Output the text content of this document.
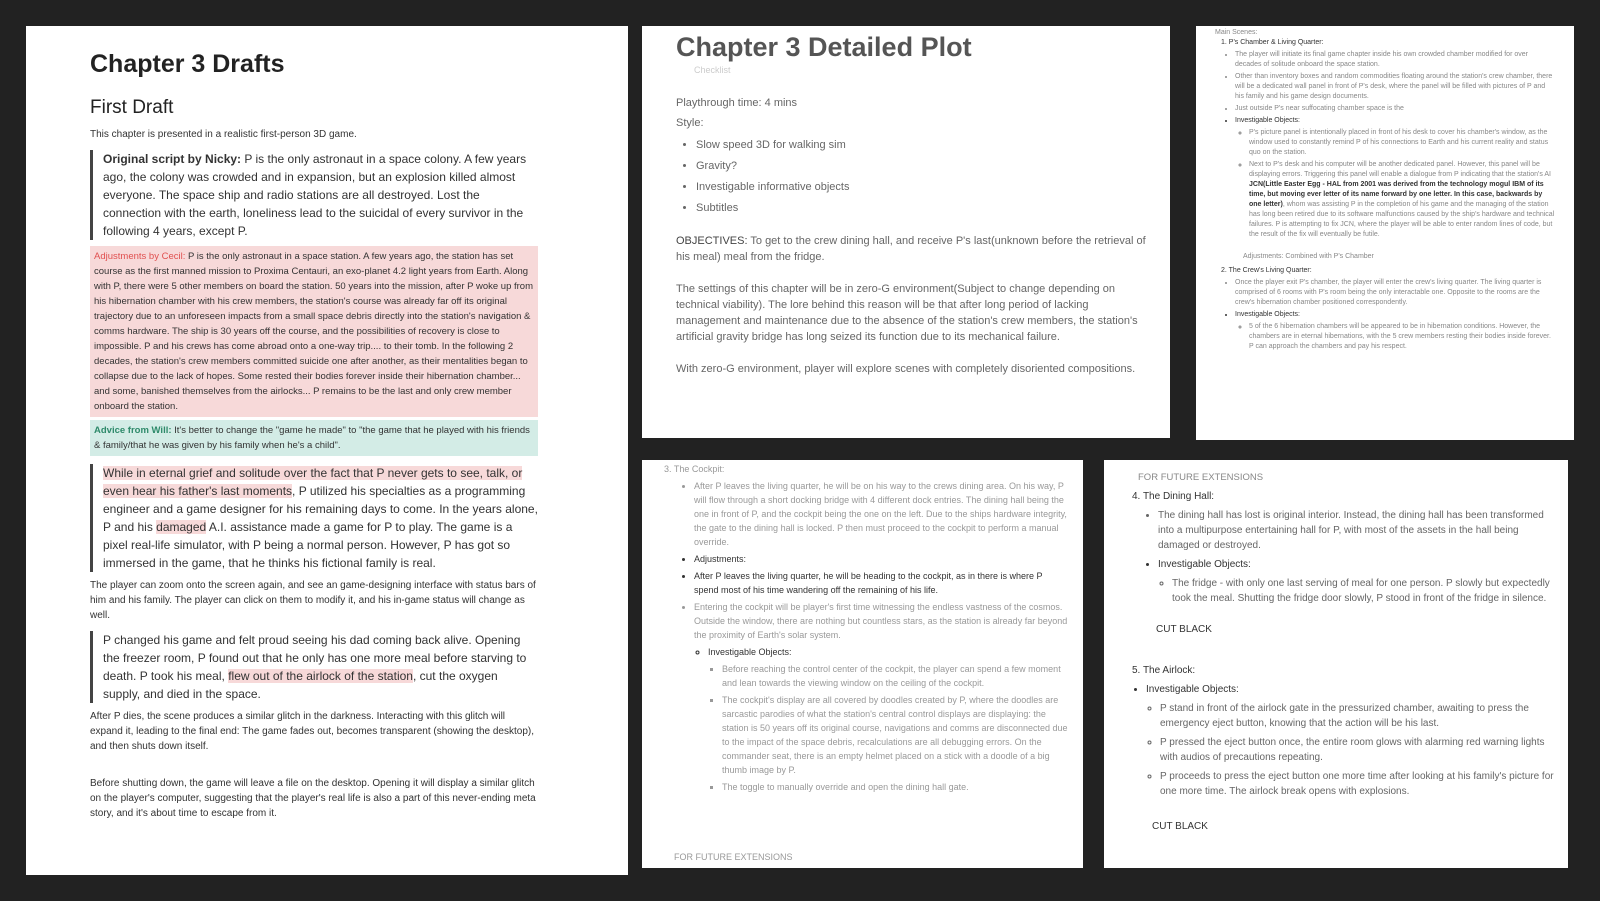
Chapter 3 Drafts
First Draft

This chapter is presented in a realistic first-person 3D game.

Original script by Nicky: P is the only astronaut in a space colony. A few years ago, the colony was crowded and in expansion, but an explosion killed almost everyone. The space ship and radio stations are all destroyed. Lost the connection with the earth, loneliness lead to the suicidal of every survivor in the following 4 years, except P.
Adjustments by Cecil: P is the only astronaut in a space station. A few years ago, the station has set course as the first manned mission to Proxima Centauri, an exo-planet 4.2 light years from Earth. Along with P, there were 5 other members on board the station. 50 years into the mission, after P woke up from his hibernation chamber with his crew members, the station's course was already far off its original trajectory due to an unforeseen impacts from a small space debris directly into the station's navigation & comms hardware. The ship is 30 years off the course, and the possibilities of recovery is close to impossible. P and his crews has come abroad onto a one-way trip.... to their tomb. In the following 2 decades, the station's crew members committed suicide one after another, as their mentalities began to collapse due to the lack of hopes. Some rested their bodies forever inside their hibernation chamber... and some, banished themselves from the airlocks... P remains to be the last and only crew member onboard the station.
Advice from Will: It's better to change the "game he made" to "the game that he played with his friends & family/that he was given by his family when he's a child".
While in eternal grief and solitude over the fact that P never gets to see, talk, or even hear his father's last moments, P utilized his specialties as a programming engineer and a game designer for his remaining days to come. In the years alone, P and his damaged A.I. assistance made a game for P to play. The game is a pixel real-life simulator, with P being a normal person. However, P has got so immersed in the game, that he thinks his fictional family is real.

The player can zoom onto the screen again, and see an game-designing interface with status bars of him and his family. The player can click on them to modify it, and his in-game status will change as well.

P changed his game and felt proud seeing his dad coming back alive. Opening the freezer room, P found out that he only has one more meal before starving to death. P took his meal, flew out of the airlock of the station, cut the oxygen supply, and died in the space.

After P dies, the scene produces a similar glitch in the darkness. Interacting with this glitch will expand it, leading to the final end: The game fades out, becomes transparent (showing the desktop), and then shuts down itself.

Before shutting down, the game will leave a file on the desktop. Opening it will display a similar glitch on the player's computer, suggesting that the player's real life is also a part of this never-ending meta story, and it's about time to escape from it.

Chapter 3 Detailed Plot
Checklist

Playthrough time: 4 mins

Style:

• Slow speed 3D for walking sim
• Gravity?
• Investigable informative objects
• Subtitles

OBJECTIVES: To get to the crew dining hall, and receive P's last(unknown before the retrieval of his meal) meal from the fridge.

The settings of this chapter will be in zero-G environment(Subject to change depending on technical viability). The lore behind this reason will be that after long period of lacking management and maintenance due to the absence of the station's crew members, the station's artificial gravity bridge has long seized its function due to its mechanical failure.

With zero-G environment, player will explore scenes with completely disoriented compositions.

Main Scenes:
1. P's Chamber & Living Quarter:
• The player will initiate its final game chapter inside his own crowded chamber modified for over decades of solitude onboard the space station.
• Other than inventory boxes and random commodities floating around the station's crew chamber, there will be a dedicated wall panel in front of P's desk, where the panel will be filled with pictures of P and his family and his game design documents.
• Just outside P's near suffocating chamber space is the
• Investigable Objects:
◦ P's picture panel is intentionally placed in front of his desk to cover his chamber's window, as the window used to constantly remind P of his connections to Earth and his current reality and status quo on the station.
◦ Next to P's desk and his computer will be another dedicated panel. However, this panel will be displaying errors. Triggering this panel will enable a dialogue from P indicating that the station's AI JCN(Little Easter Egg - HAL from 2001 was derived from the technology mogul IBM of its time, but moving ever letter of its name forward by one letter. In this case, backwards by one letter), whom was assisting P in the completion of his game and the managing of the station has long been retired due to its software malfunctions caused by the ship's hardware and technical failures. P is attempting to fix JCN, where the player will be able to enter random lines of code, but the result of the fix will eventually be futile.
Adjustments: Combined with P's Chamber
2. The Crew's Living Quarter:
• Once the player exit P's chamber, the player will enter the crew's living quarter. The living quarter is comprised of 6 rooms with P's room being the only interactable one. Opposite to the rooms are the crew's hibernation chamber positioned correspondently.
• Investigable Objects:
◦ 5 of the 6 hibernation chambers will be appeared to be in hibernation conditions. However, the chambers are in eternal hibernations, with the 5 crew members resting their bodies inside forever. P can approach the chambers and pay his respect.
3. The Cockpit:
• After P leaves the living quarter, he will be on his way to the crews dining area. On his way, P will flow through a short docking bridge with 4 different dock entries. The dining hall being the one in front of P, and the cockpit being the one on the left. Due to the ships hardware integrity, the gate to the dining hall is locked. P then must proceed to the cockpit to perform a manual override.
• Adjustments:
• After P leaves the living quarter, he will be heading to the cockpit, as in there is where P spend most of his time wandering off the remaining of his life.
• Entering the cockpit will be player's first time witnessing the endless vastness of the cosmos. Outside the window, there are nothing but countless stars, as the station is already far beyond the proximity of Earth's solar system.
◦ Investigable Objects:
▪ Before reaching the control center of the cockpit, the player can spend a few moment and lean towards the viewing window on the ceiling of the cockpit.
▪ The cockpit's display are all covered by doodles created by P, where the doodles are sarcastic parodies of what the station's central control displays are displaying: the station is 50 years off its original course, navigations and comms are disconnected due to the impact of the space debris, recalculations are all debugging errors. On the commander seat, there is an empty helmet placed on a stick with a doodle of a big thumb image by P.
▪ The toggle to manually override and open the dining hall gate.
FOR FUTURE EXTENSIONS
FOR FUTURE EXTENSIONS
4. The Dining Hall:
• The dining hall has lost is original interior. Instead, the dining hall has been transformed into a multipurpose entertaining hall for P, with most of the assets in the hall being damaged or destroyed.
• Investigable Objects:
◦ The fridge - with only one last serving of meal for one person. P slowly but expectedly took the meal. Shutting the fridge door slowly, P stood in front of the fridge in silence.
CUT BLACK
5. The Airlock:
• Investigable Objects:
◦ P stand in front of the airlock gate in the pressurized chamber, awaiting to press the emergency eject button, knowing that the action will be his last.
◦ P pressed the eject button once, the entire room glows with alarming red warning lights with audios of precautions repeating.
◦ P proceeds to press the eject button one more time after looking at his family's picture for one more time. The airlock break opens with explosions.
CUT BLACK
